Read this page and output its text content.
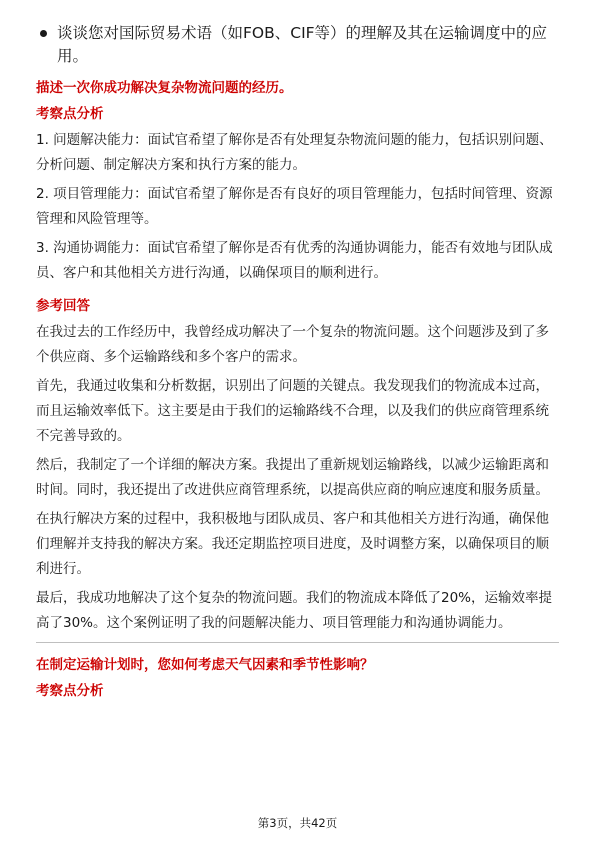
谈谈您对国际贸易术语（如FOB、CIF等）的理解及其在运输调度中的应用。
描述一次你成功解决复杂物流问题的经历。
考察点分析

1. 问题解决能力：面试官希望了解你是否有处理复杂物流问题的能力，包括识别问题、分析问题、制定解决方案和执行方案的能力。

2. 项目管理能力：面试官希望了解你是否有良好的项目管理能力，包括时间管理、资源管理和风险管理等。

3. 沟通协调能力：面试官希望了解你是否有优秀的沟通协调能力，能否有效地与团队成员、客户和其他相关方进行沟通，以确保项目的顺利进行。

参考回答

在我过去的工作经历中，我曾经成功解决了一个复杂的物流问题。这个问题涉及到了多个供应商、多个运输路线和多个客户的需求。

首先，我通过收集和分析数据，识别出了问题的关键点。我发现我们的物流成本过高，而且运输效率低下。这主要是由于我们的运输路线不合理，以及我们的供应商管理系统不完善导致的。

然后，我制定了一个详细的解决方案。我提出了重新规划运输路线，以减少运输距离和时间。同时，我还提出了改进供应商管理系统，以提高供应商的响应速度和服务质量。

在执行解决方案的过程中，我积极地与团队成员、客户和其他相关方进行沟通，确保他们理解并支持我的解决方案。我还定期监控项目进度，及时调整方案，以确保项目的顺利进行。

最后，我成功地解决了这个复杂的物流问题。我们的物流成本降低了20%，运输效率提高了30%。这个案例证明了我的问题解决能力、项目管理能力和沟通协调能力。

在制定运输计划时，您如何考虑天气因素和季节性影响？
考察点分析
第3页，共42页
